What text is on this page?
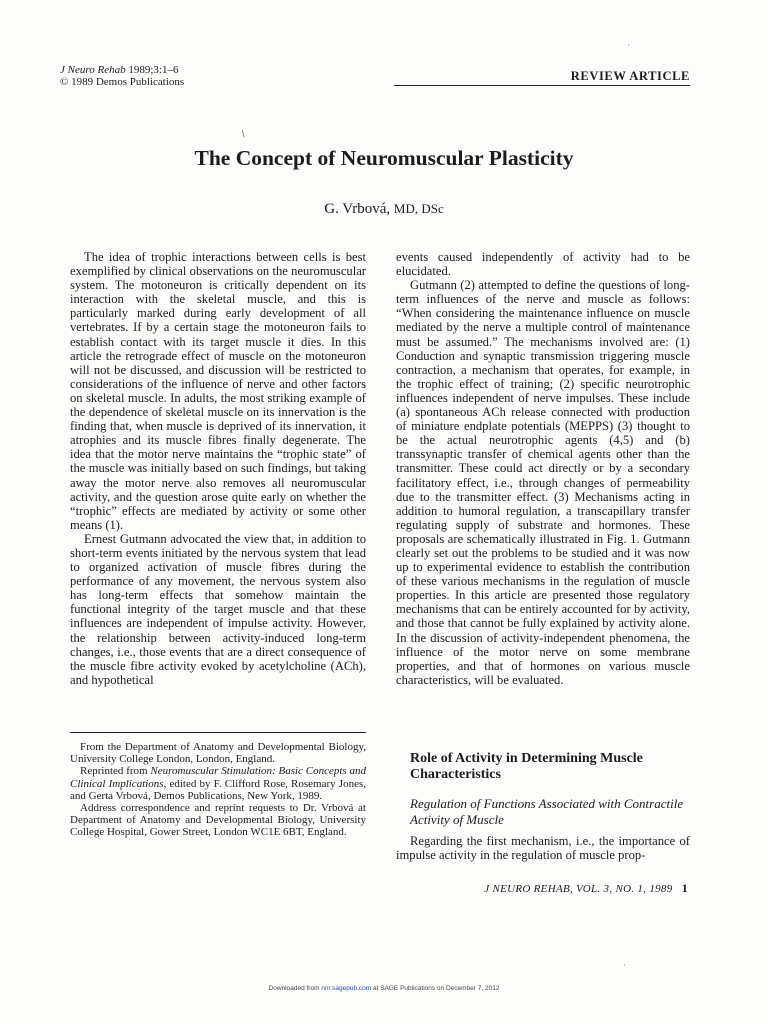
J Neuro Rehab 1989;3:1–6
© 1989 Demos Publications	REVIEW ARTICLE
/
·
·
The Concept of Neuromuscular Plasticity
G. Vrbová, MD, DSc

The idea of trophic interactions between cells is best exemplified by clinical observations on the neuromuscular system. The motoneuron is critically dependent on its interaction with the skeletal muscle, and this is particularly marked during early development of all vertebrates. If by a certain stage the motoneuron fails to establish contact with its target muscle it dies. In this article the retrograde effect of muscle on the motoneuron will not be discussed, and discussion will be restricted to considerations of the influence of nerve and other factors on skeletal muscle. In adults, the most striking example of the dependence of skeletal muscle on its innervation is the finding that, when muscle is deprived of its innervation, it atrophies and its muscle fibres finally degenerate. The idea that the motor nerve maintains the “trophic state” of the muscle was initially based on such findings, but taking away the motor nerve also removes all neuromuscular activity, and the question arose quite early on whether the “trophic” effects are mediated by activity or some other means (1).

Ernest Gutmann advocated the view that, in addition to short-term events initiated by the nervous system that lead to organized activation of muscle fibres during the performance of any movement, the nervous system also has long-term effects that somehow maintain the functional integrity of the target muscle and that these influences are independent of impulse activity. However, the relationship between activity-induced long-term changes, i.e., those events that are a direct consequence of the muscle fibre activity evoked by acetylcholine (ACh), and hypothetical

events caused independently of activity had to be elucidated.

Gutmann (2) attempted to define the questions of long-term influences of the nerve and muscle as follows: “When considering the maintenance influence on muscle mediated by the nerve a multiple control of maintenance must be assumed.” The mechanisms involved are: (1) Conduction and synaptic transmission triggering muscle contraction, a mechanism that operates, for example, in the trophic effect of training; (2) specific neurotrophic influences independent of nerve impulses. These include (a) spontaneous ACh release connected with production of miniature endplate potentials (MEPPS) (3) thought to be the actual neurotrophic agents (4,5) and (b) transsynaptic transfer of chemical agents other than the transmitter. These could act directly or by a secondary facilitatory effect, i.e., through changes of permeability due to the transmitter effect. (3) Mechanisms acting in addition to humoral regulation, a transcapillary transfer regulating supply of substrate and hormones. These proposals are schematically illustrated in Fig. 1. Gutmann clearly set out the problems to be studied and it was now up to experimental evidence to establish the contribution of these various mechanisms in the regulation of muscle properties. In this article are presented those regulatory mechanisms that can be entirely accounted for by activity, and those that cannot be fully explained by activity alone. In the discussion of activity-independent phenomena, the influence of the motor nerve on some membrane properties, and that of hormones on various muscle characteristics, will be evaluated.

From the Department of Anatomy and Developmental Biology, University College London, London, England.

Reprinted from Neuromuscular Stimulation: Basic Concepts and Clinical Implications, edited by F. Clifford Rose, Rosemary Jones, and Gerta Vrbová, Demos Publications, New York, 1989.

Address correspondence and reprint requests to Dr. Vrbová at Department of Anatomy and Developmental Biology, University College Hospital, Gower Street, London WC1E 6BT, England.

Role of Activity in Determining Muscle Characteristics
Regulation of Functions Associated with Contractile Activity of Muscle

Regarding the first mechanism, i.e., the importance of impulse activity in the regulation of muscle prop-

J NEURO REHAB, VOL. 3, NO. 1, 1989 1
Downloaded from nnr.sagepub.com at SAGE Publications on December 7, 2012
